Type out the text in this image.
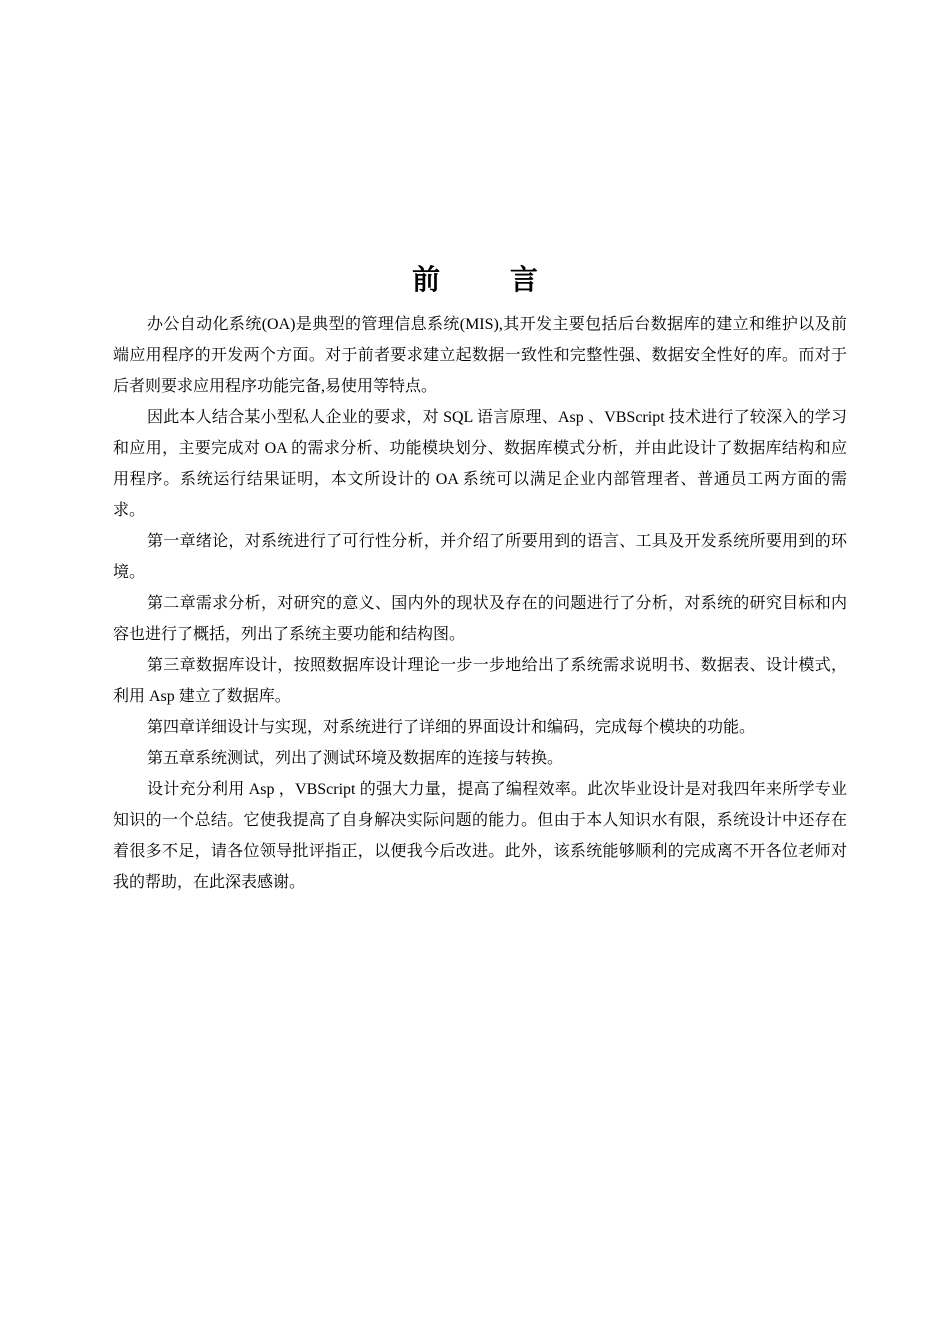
前 言

办公自动化系统(OA)是典型的管理信息系统(MIS),其开发主要包括后台数据库的建立和维护以及前端应用程序的开发两个方面。对于前者要求建立起数据一致性和完整性强、数据安全性好的库。而对于后者则要求应用程序功能完备,易使用等特点。

因此本人结合某小型私人企业的要求，对 SQL 语言原理、Asp 、VBScript 技术进行了较深入的学习和应用，主要完成对 OA 的需求分析、功能模块划分、数据库模式分析，并由此设计了数据库结构和应用程序。系统运行结果证明，本文所设计的 OA 系统可以满足企业内部管理者、普通员工两方面的需求。

第一章绪论，对系统进行了可行性分析，并介绍了所要用到的语言、工具及开发系统所要用到的环境。

第二章需求分析，对研究的意义、国内外的现状及存在的问题进行了分析，对系统的研究目标和内容也进行了概括，列出了系统主要功能和结构图。

第三章数据库设计，按照数据库设计理论一步一步地给出了系统需求说明书、数据表、设计模式，利用 Asp 建立了数据库。

第四章详细设计与实现，对系统进行了详细的界面设计和编码，完成每个模块的功能。

第五章系统测试，列出了测试环境及数据库的连接与转换。

设计充分利用 Asp ，VBScript 的强大力量，提高了编程效率。此次毕业设计是对我四年来所学专业知识的一个总结。它使我提高了自身解决实际问题的能力。但由于本人知识水有限，系统设计中还存在着很多不足，请各位领导批评指正，以便我今后改进。此外，该系统能够顺利的完成离不开各位老师对我的帮助，在此深表感谢。
